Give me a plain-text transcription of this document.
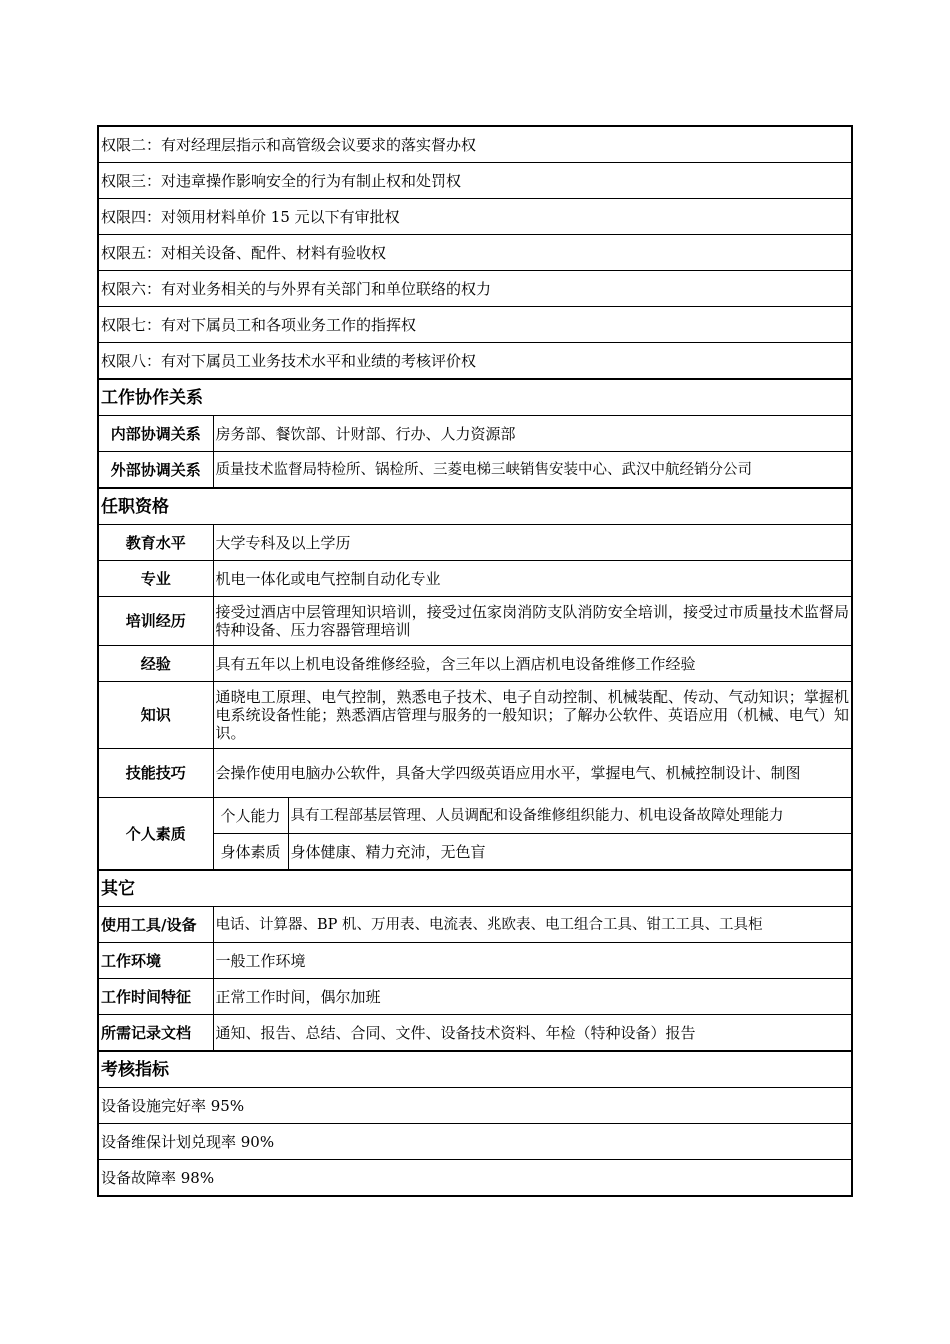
权限二：有对经理层指示和高管级会议要求的落实督办权		
权限三：对违章操作影响安全的行为有制止权和处罚权		
权限四：对领用材料单价 15 元以下有审批权		
权限五：对相关设备、配件、材料有验收权		
权限六：有对业务相关的与外界有关部门和单位联络的权力		
权限七：有对下属员工和各项业务工作的指挥权		
权限八：有对下属员工业务技术水平和业绩的考核评价权		
工作协作关系		
内部协调关系	房务部、餐饮部、计财部、行办、人力资源部	
外部协调关系	质量技术监督局特检所、锅检所、三菱电梯三峡销售安装中心、武汉中航经销分公司	
任职资格		
教育水平	大学专科及以上学历	
专业	机电一体化或电气控制自动化专业	
培训经历	接受过酒店中层管理知识培训，接受过伍家岗消防支队消防安全培训，接受过市质量技术监督局特种设备、压力容器管理培训	
经验	具有五年以上机电设备维修经验，含三年以上酒店机电设备维修工作经验	
知识	通晓电工原理、电气控制，熟悉电子技术、电子自动控制、机械装配、传动、气动知识；掌握机电系统设备性能；熟悉酒店管理与服务的一般知识；了解办公软件、英语应用（机械、电气）知识。	
技能技巧	会操作使用电脑办公软件，具备大学四级英语应用水平，掌握电气、机械控制设计、制图	
个人素质	个人能力	具有工程部基层管理、人员调配和设备维修组织能力、机电设备故障处理能力
	身体素质	身体健康、精力充沛，无色盲
其它		
使用工具/设备	电话、计算器、BP 机、万用表、电流表、兆欧表、电工组合工具、钳工工具、工具柜	
工作环境	一般工作环境	
工作时间特征	正常工作时间，偶尔加班	
所需记录文档	通知、报告、总结、合同、文件、设备技术资料、年检（特种设备）报告	
考核指标		
设备设施完好率 95%		
设备维保计划兑现率 90%		
设备故障率 98%		
